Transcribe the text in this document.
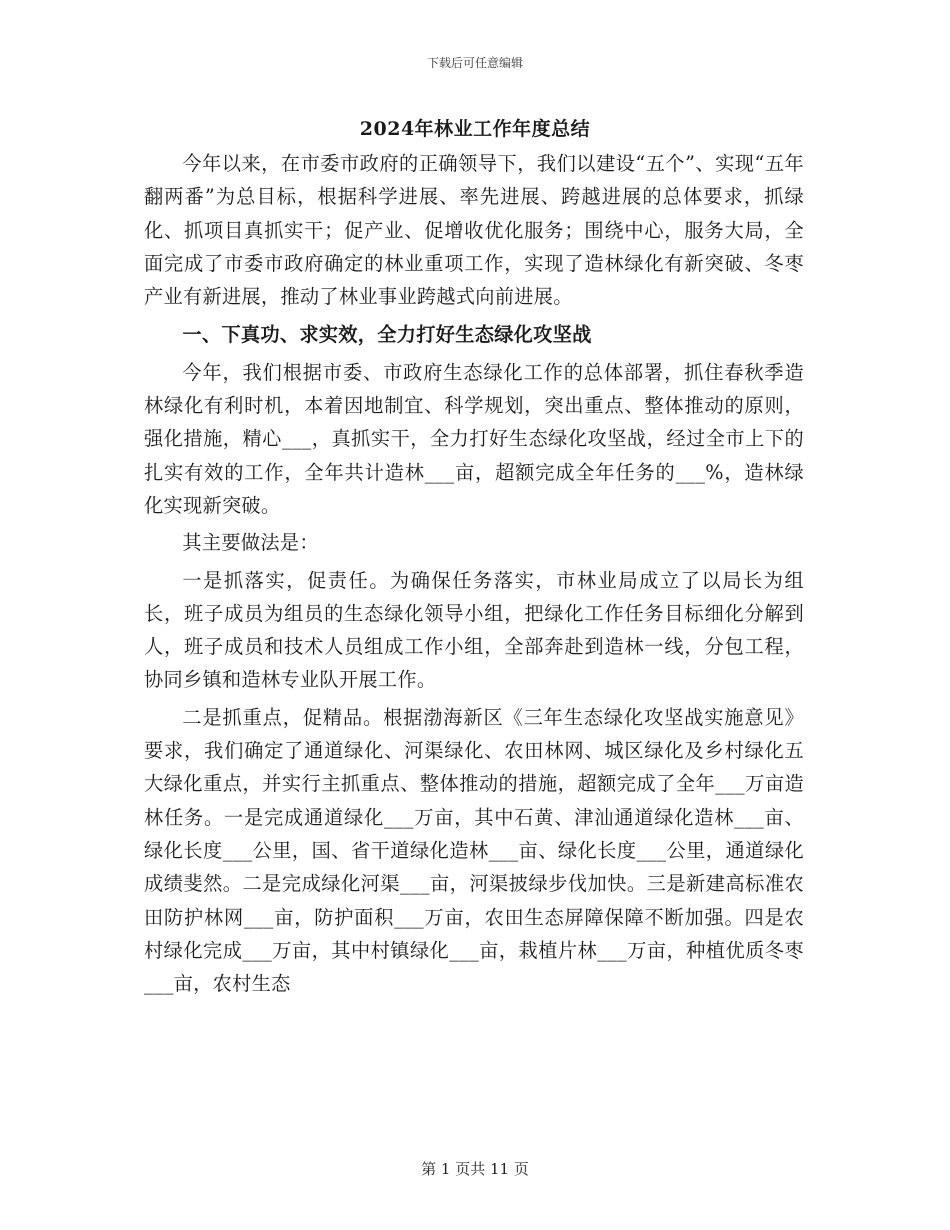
下载后可任意编辑
2024年林业工作年度总结

今年以来，在市委市政府的正确领导下，我们以建设“五个”、实现“五年翻两番”为总目标，根据科学进展、率先进展、跨越进展的总体要求，抓绿化、抓项目真抓实干；促产业、促增收优化服务；围绕中心，服务大局，全面完成了市委市政府确定的林业重项工作，实现了造林绿化有新突破、冬枣产业有新进展，推动了林业事业跨越式向前进展。

一、下真功、求实效，全力打好生态绿化攻坚战

今年，我们根据市委、市政府生态绿化工作的总体部署，抓住春秋季造林绿化有利时机，本着因地制宜、科学规划，突出重点、整体推动的原则，强化措施，精心___，真抓实干，全力打好生态绿化攻坚战，经过全市上下的扎实有效的工作，全年共计造林___亩，超额完成全年任务的___%，造林绿化实现新突破。

其主要做法是：

一是抓落实，促责任。为确保任务落实，市林业局成立了以局长为组长，班子成员为组员的生态绿化领导小组，把绿化工作任务目标细化分解到人，班子成员和技术人员组成工作小组，全部奔赴到造林一线，分包工程，协同乡镇和造林专业队开展工作。

二是抓重点，促精品。根据渤海新区《三年生态绿化攻坚战实施意见》要求，我们确定了通道绿化、河渠绿化、农田林网、城区绿化及乡村绿化五大绿化重点，并实行主抓重点、整体推动的措施，超额完成了全年___万亩造林任务。一是完成通道绿化___万亩，其中石黄、津汕通道绿化造林___亩、绿化长度___公里，国、省干道绿化造林___亩、绿化长度___公里，通道绿化成绩斐然。二是完成绿化河渠___亩，河渠披绿步伐加快。三是新建高标准农田防护林网___亩，防护面积___万亩，农田生态屏障保障不断加强。四是农村绿化完成___万亩，其中村镇绿化___亩，栽植片林___万亩，种植优质冬枣___亩，农村生态

第 1 页共 11 页
